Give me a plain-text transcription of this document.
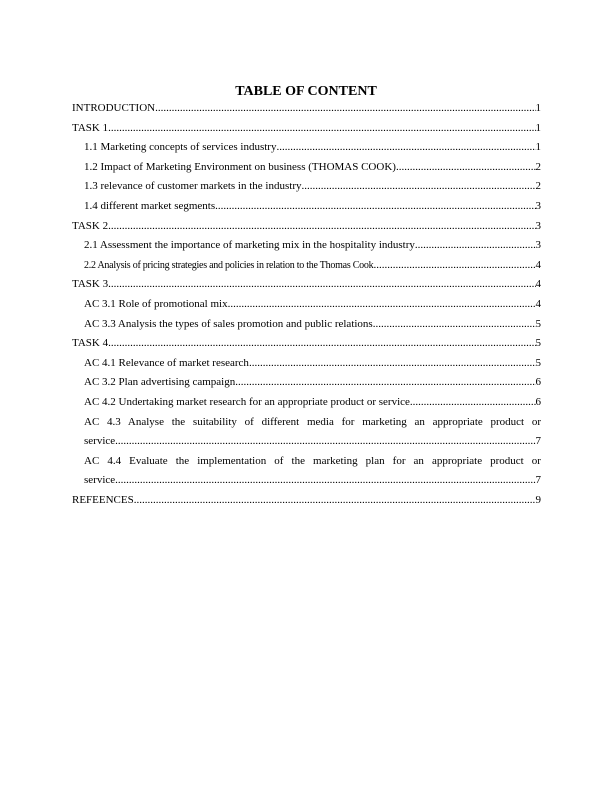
TABLE OF CONTENT
INTRODUCTION .....	1
TASK 1 .....	1
1.1 Marketing concepts of services industry .....	1
1.2 Impact of Marketing Environment on business (THOMAS COOK) .....	2
1.3 relevance of customer markets in the industry .....	2
1.4 different market segments .....	3
TASK 2 .....	3
2.1 Assessment the importance of marketing mix in the hospitality industry .....	3
2.2 Analysis of pricing strategies and policies in relation to the Thomas Cook .....	4
TASK 3 .....	4
AC 3.1 Role of promotional mix .....	4
AC 3.3 Analysis the types of sales promotion and public relations .....	5
TASK 4 .....	5
AC 4.1 Relevance of market research .....	5
AC 3.2 Plan advertising campaign .....	6
AC 4.2 Undertaking market research for an appropriate product or service .....	6
AC 4.3 Analyse the suitability of different media for marketing an appropriate product or
service .....	7
AC 4.4 Evaluate the implementation of the marketing plan for an appropriate product or
service .....	7
REFEENCES .....	9
